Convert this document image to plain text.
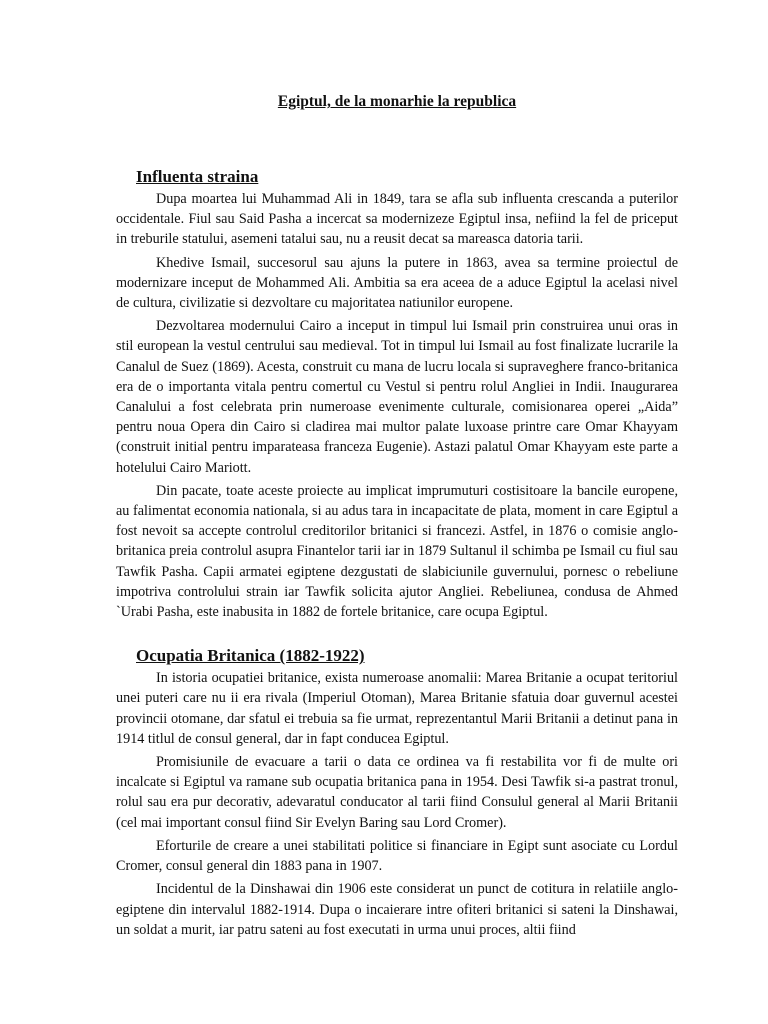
Egiptul, de la monarhie la republica
Influenta straina

Dupa moartea lui Muhammad Ali in 1849, tara se afla sub influenta crescanda a puterilor occidentale. Fiul sau Said Pasha a incercat sa modernizeze Egiptul insa, nefiind la fel de priceput in treburile statului, asemeni tatalui sau, nu a reusit decat sa mareasca datoria tarii.

Khedive Ismail, succesorul sau ajuns la putere in 1863, avea sa termine proiectul de modernizare inceput de Mohammed Ali. Ambitia sa era aceea de a aduce Egiptul la acelasi nivel de cultura, civilizatie si dezvoltare cu majoritatea natiunilor europene.

Dezvoltarea modernului Cairo a inceput in timpul lui Ismail prin construirea unui oras in stil european la vestul centrului sau medieval. Tot in timpul lui Ismail au fost finalizate lucrarile la Canalul de Suez (1869). Acesta, construit cu mana de lucru locala si supraveghere franco-britanica era de o importanta vitala pentru comertul cu Vestul si pentru rolul Angliei in Indii. Inaugurarea Canalului a fost celebrata prin numeroase evenimente culturale, comisionarea operei „Aida” pentru noua Opera din Cairo si cladirea mai multor palate luxoase printre care Omar Khayyam (construit initial pentru imparateasa franceza Eugenie). Astazi palatul Omar Khayyam este parte a hotelului Cairo Mariott.

Din pacate, toate aceste proiecte au implicat imprumuturi costisitoare la bancile europene, au falimentat economia nationala, si au adus tara in incapacitate de plata, moment in care Egiptul a fost nevoit sa accepte controlul creditorilor britanici si francezi. Astfel, in 1876 o comisie anglo-britanica preia controlul asupra Finantelor tarii iar in 1879 Sultanul il schimba pe Ismail cu fiul sau Tawfik Pasha. Capii armatei egiptene dezgustati de slabiciunile guvernului, pornesc o rebeliune impotriva controlului strain iar Tawfik solicita ajutor Angliei. Rebeliunea, condusa de Ahmed `Urabi Pasha, este inabusita in 1882 de fortele britanice, care ocupa Egiptul.

Ocupatia Britanica (1882-1922)

In istoria ocupatiei britanice, exista numeroase anomalii: Marea Britanie a ocupat teritoriul unei puteri care nu ii era rivala (Imperiul Otoman), Marea Britanie sfatuia doar guvernul acestei provincii otomane, dar sfatul ei trebuia sa fie urmat, reprezentantul Marii Britanii a detinut pana in 1914 titlul de consul general, dar in fapt conducea Egiptul.

Promisiunile de evacuare a tarii o data ce ordinea va fi restabilita vor fi de multe ori incalcate si Egiptul va ramane sub ocupatia britanica pana in 1954. Desi Tawfik si-a pastrat tronul, rolul sau era pur decorativ, adevaratul conducator al tarii fiind Consulul general al Marii Britanii (cel mai important consul fiind Sir Evelyn Baring sau Lord Cromer).

Eforturile de creare a unei stabilitati politice si financiare in Egipt sunt asociate cu Lordul Cromer, consul general din 1883 pana in 1907.

Incidentul de la Dinshawai din 1906 este considerat un punct de cotitura in relatiile anglo-egiptene din intervalul 1882-1914. Dupa o incaierare intre ofiteri britanici si sateni la Dinshawai, un soldat a murit, iar patru sateni au fost executati in urma unui proces, altii fiind
